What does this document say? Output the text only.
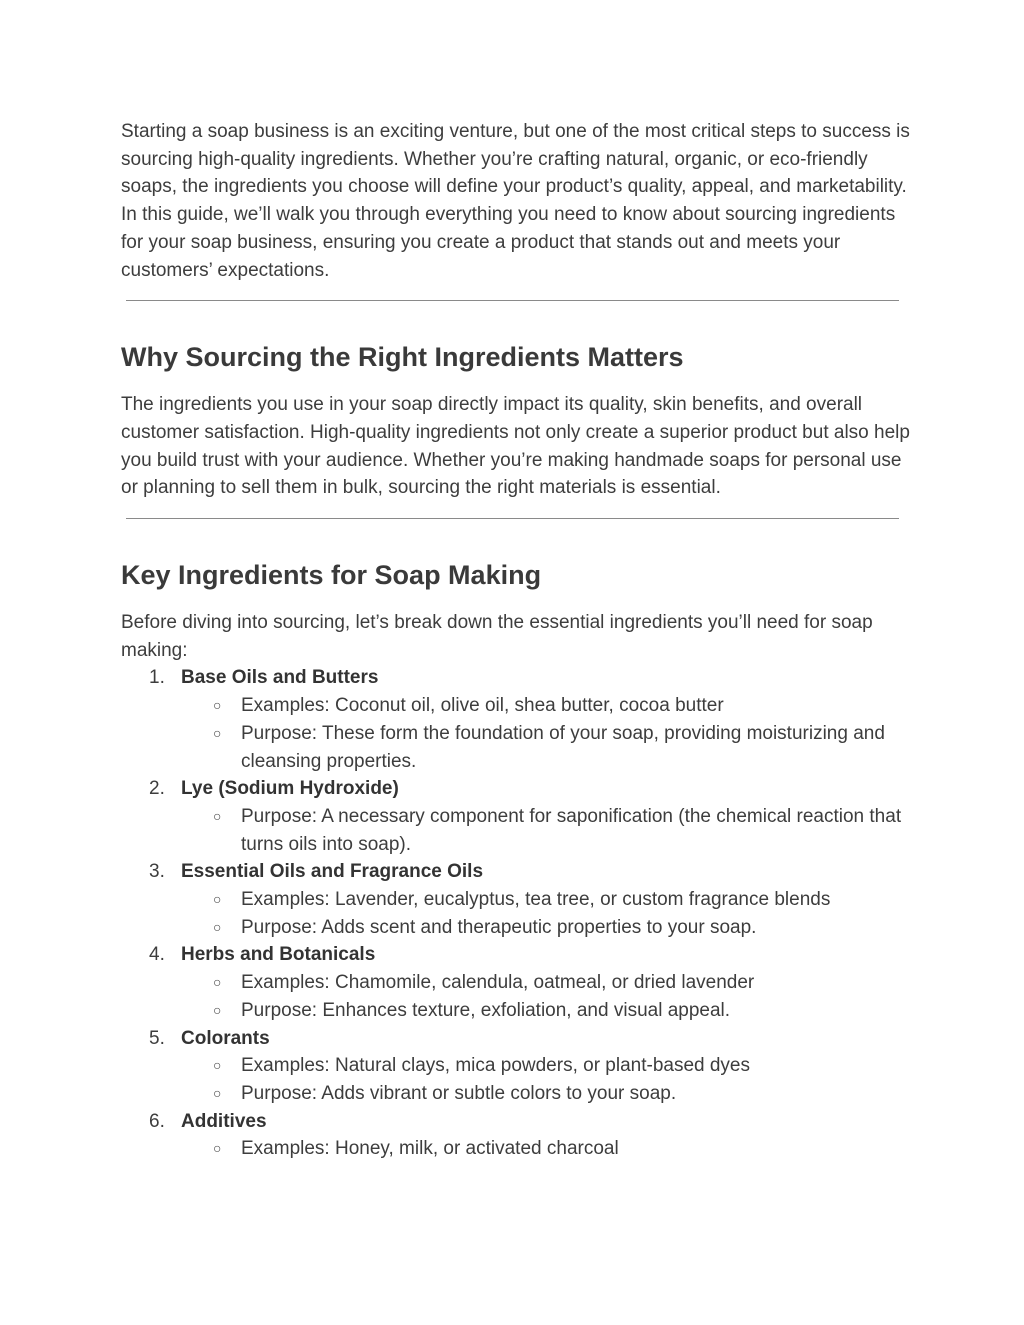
Starting a soap business is an exciting venture, but one of the most critical steps to success is sourcing high-quality ingredients. Whether you’re crafting natural, organic, or eco-friendly soaps, the ingredients you choose will define your product’s quality, appeal, and marketability. In this guide, we’ll walk you through everything you need to know about sourcing ingredients for your soap business, ensuring you create a product that stands out and meets your customers’ expectations.

Why Sourcing the Right Ingredients Matters

The ingredients you use in your soap directly impact its quality, skin benefits, and overall customer satisfaction. High-quality ingredients not only create a superior product but also help you build trust with your audience. Whether you’re making handmade soaps for personal use or planning to sell them in bulk, sourcing the right materials is essential.

Key Ingredients for Soap Making

Before diving into sourcing, let’s break down the essential ingredients you’ll need for soap making:

1. Base Oils and Butters
○ Examples: Coconut oil, olive oil, shea butter, cocoa butter
○ Purpose: These form the foundation of your soap, providing moisturizing and cleansing properties.
2. Lye (Sodium Hydroxide)
○ Purpose: A necessary component for saponification (the chemical reaction that turns oils into soap).
3. Essential Oils and Fragrance Oils
○ Examples: Lavender, eucalyptus, tea tree, or custom fragrance blends
○ Purpose: Adds scent and therapeutic properties to your soap.
4. Herbs and Botanicals
○ Examples: Chamomile, calendula, oatmeal, or dried lavender
○ Purpose: Enhances texture, exfoliation, and visual appeal.
5. Colorants
○ Examples: Natural clays, mica powders, or plant-based dyes
○ Purpose: Adds vibrant or subtle colors to your soap.
6. Additives
○ Examples: Honey, milk, or activated charcoal
